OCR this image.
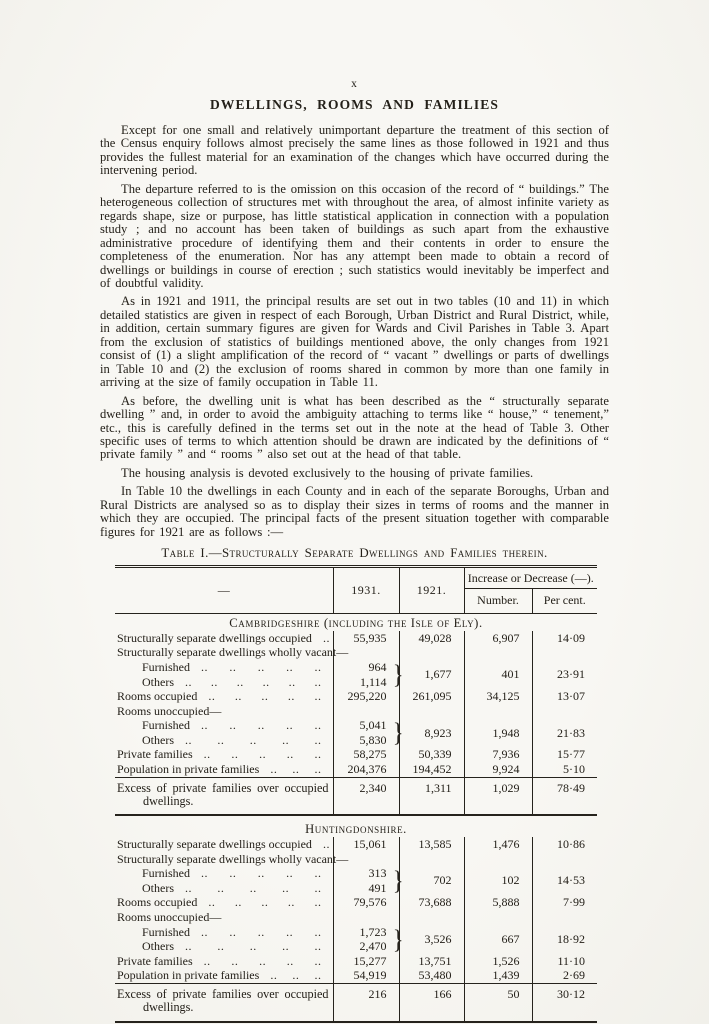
x
DWELLINGS, ROOMS AND FAMILIES

Except for one small and relatively unimportant departure the treatment of this section of the Census enquiry follows almost precisely the same lines as those followed in 1921 and thus provides the fullest material for an examination of the changes which have occurred during the intervening period.

The departure referred to is the omission on this occasion of the record of “ buildings.” The heterogeneous collection of structures met with throughout the area, of almost infinite variety as regards shape, size or purpose, has little statistical application in connection with a population study ; and no account has been taken of buildings as such apart from the exhaustive administrative procedure of identifying them and their contents in order to ensure the completeness of the enumeration. Nor has any attempt been made to obtain a record of dwellings or buildings in course of erection ; such statistics would inevitably be imperfect and of doubtful validity.

As in 1921 and 1911, the principal results are set out in two tables (10 and 11) in which detailed statistics are given in respect of each Borough, Urban District and Rural District, while, in addition, certain summary figures are given for Wards and Civil Parishes in Table 3. Apart from the exclusion of statistics of buildings mentioned above, the only changes from 1921 consist of (1) a slight amplification of the record of “ vacant ” dwellings or parts of dwellings in Table 10 and (2) the exclusion of rooms shared in common by more than one family in arriving at the size of family occupation in Table 11.

As before, the dwelling unit is what has been described as the “ structurally separate dwelling ” and, in order to avoid the ambiguity attaching to terms like “ house,” “ tenement,” etc., this is carefully defined in the terms set out in the note at the head of Table 3. Other specific uses of terms to which attention should be drawn are indicated by the definitions of “ private family ” and “ rooms ” also set out at the head of that table.

The housing analysis is devoted exclusively to the housing of private families.

In Table 10 the dwellings in each County and in each of the separate Boroughs, Urban and Rural Districts are analysed so as to display their sizes in terms of rooms and the manner in which they are occupied. The principal facts of the present situation together with comparable figures for 1921 are as follows :—

Table I.—Structurally Separate Dwellings and Families therein.
—	1931.	1921.	Increase or Decrease (—).	
			Number.	Per cent.
Cambridgeshire (including the Isle of Ely).				

Structurally separate dwellings occupied ..	55,935	49,028	6,907	14·09

Structurally separate dwellings wholly vacant—				

Furnished .. .. .. .. ..	964	} 1,677	401	23·91

Others .. .. .. .. .. ..	1,114

Rooms occupied .. .. .. .. ..	295,220	261,095	34,125	13·07

Rooms unoccupied—				

Furnished .. .. .. .. ..	5,041	} 8,923	1,948	21·83

Others .. .. .. .. ..	5,830

Private families .. .. .. .. ..	58,275	50,339	7,936	15·77

Population in private families .. .. ..	204,376	194,452	9,924	5·10
Excess of private families over occupied dwellings.	2,340	1,311	1,029	78·49
Huntingdonshire.				

Structurally separate dwellings occupied ..	15,061	13,585	1,476	10·86

Structurally separate dwellings wholly vacant—				

Furnished .. .. .. .. ..	313	}	702	102	14·53

Others .. .. .. .. ..	491

Rooms occupied .. .. .. .. ..	79,576	73,688	5,888	7·99

Rooms unoccupied—				

Furnished .. .. .. .. ..	1,723	} 3,526	667	18·92

Others .. .. .. .. ..	2,470

Private families .. .. .. .. ..	15,277	13,751	1,526	11·10

Population in private families .. .. ..	54,919	53,480	1,439	2·69
Excess of private families over occupied dwellings.	216	166	50	30·12
